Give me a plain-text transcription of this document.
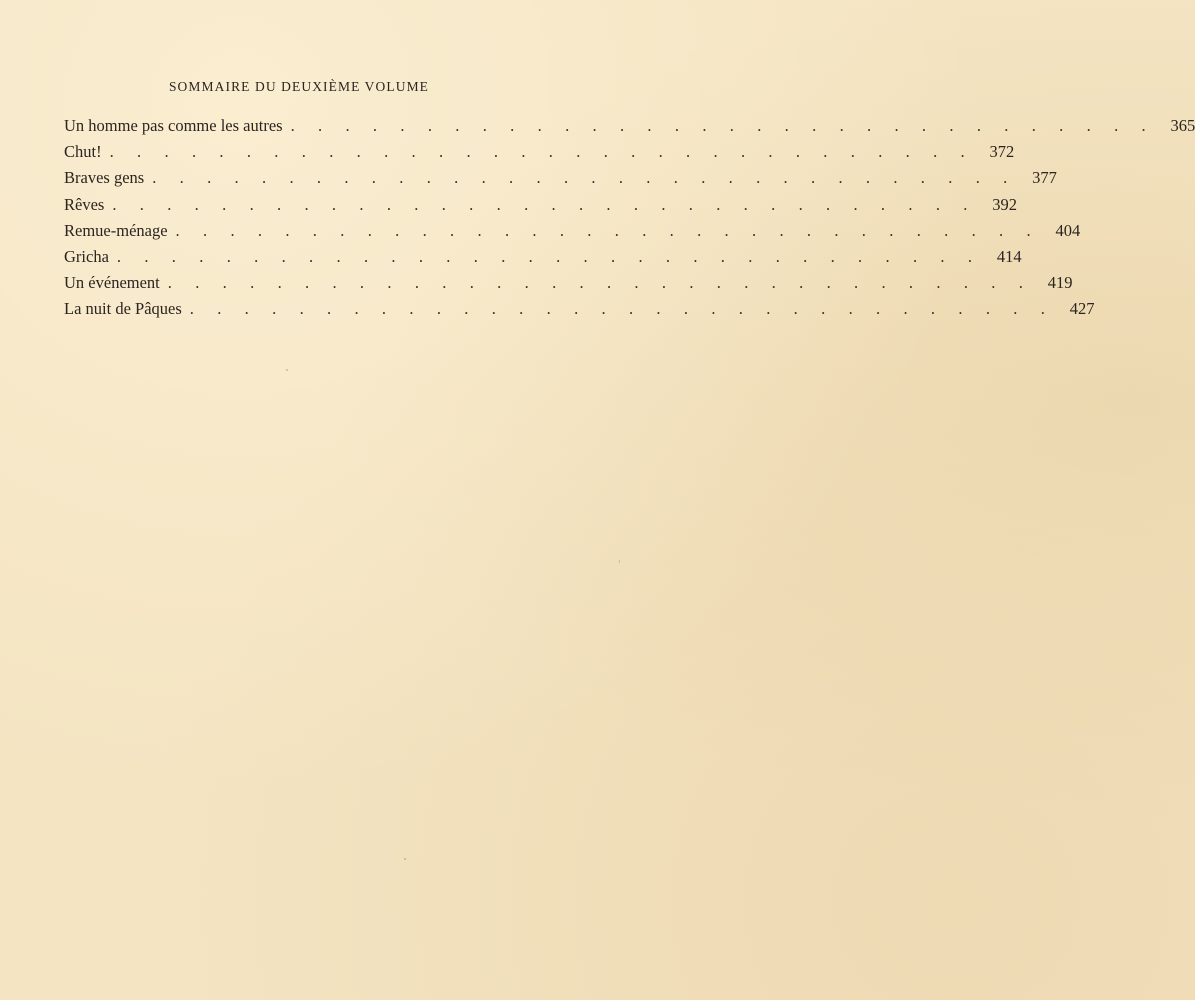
SOMMAIRE DU DEUXIÈME VOLUME
Un homme pas comme les autres . . . . . . . . . . . . . . . . . . . . . . . . . . . . . . . . 365
Chut! . . . . . . . . . . . . . . . . . . . . . . . . . . . . . . . . 372
Braves gens . . . . . . . . . . . . . . . . . . . . . . . . . . . . . . . . 377
Rêves . . . . . . . . . . . . . . . . . . . . . . . . . . . . . . . . 392
Remue-ménage . . . . . . . . . . . . . . . . . . . . . . . . . . . . . . . . 404
Gricha . . . . . . . . . . . . . . . . . . . . . . . . . . . . . . . . 414
Un événement . . . . . . . . . . . . . . . . . . . . . . . . . . . . . . . . 419
La nuit de Pâques . . . . . . . . . . . . . . . . . . . . . . . . . . . . . . . . 427
